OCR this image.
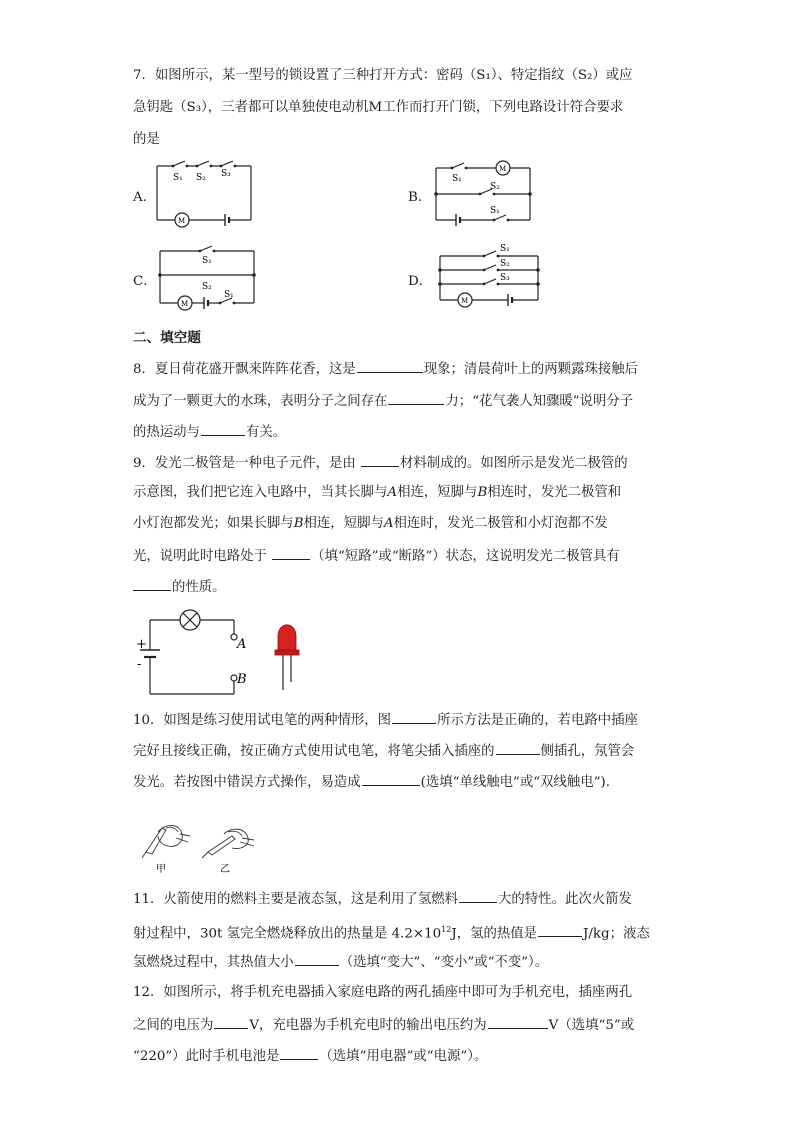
7．如图所示，某一型号的锁设置了三种打开方式：密码（S₁）、特定指纹（S₂）或应
急钥匙（S₃），三者都可以单独使电动机M工作而打开门锁，下列电路设计符合要求
的是
A．	B．
C．	D．
S₁ S₂ S₃
M
S₁
S₂
S₁
M
S₁
S₂
S₁
M
S₁
S₂
S₃
M
二、填空题
8．夏日荷花盛开飘来阵阵花香，这是	现象；清晨荷叶上的两颗露珠接触后
成为了一颗更大的水珠，表明分子之间存在	力；“花气袭人知骤暖”说明分子
的热运动与	有关。
9．发光二极管是一种电子元件，是由	材料制成的。如图所示是发光二极管的
示意图，我们把它连入电路中，当其长脚与A相连，短脚与B相连时，发光二极管和
小灯泡都发光；如果长脚与B相连，短脚与A相连时，发光二极管和小灯泡都不发
光，说明此时电路处于	（填“短路”或“断路”）状态，这说明发光二极管具有
的性质。
+
-
A
B
10．如图是练习使用试电笔的两种情形，图	所示方法是正确的，若电路中插座
完好且接线正确，按正确方式使用试电笔，将笔尖插入插座的	侧插孔，氖管会
发光。若按图中错误方式操作，易造成	(选填“单线触电”或“双线触电”).
甲	乙
11．火箭使用的燃料主要是液态氢，这是利用了氢燃料	大的特性。此次火箭发
射过程中，30t 氢完全燃烧释放出的热量是 $4.2\times 10^{12}J$，氢的热值是	J/kg；液态
氢燃烧过程中，其热值大小	（选填“变大”、“变小”或“不变”）。
12．如图所示，将手机充电器插入家庭电路的两孔插座中即可为手机充电，插座两孔
之间的电压为	V，充电器为手机充电时的输出电压约为	V（选填“5”或
“220”）此时手机电池是	（选填“用电器”或“电源”）。
